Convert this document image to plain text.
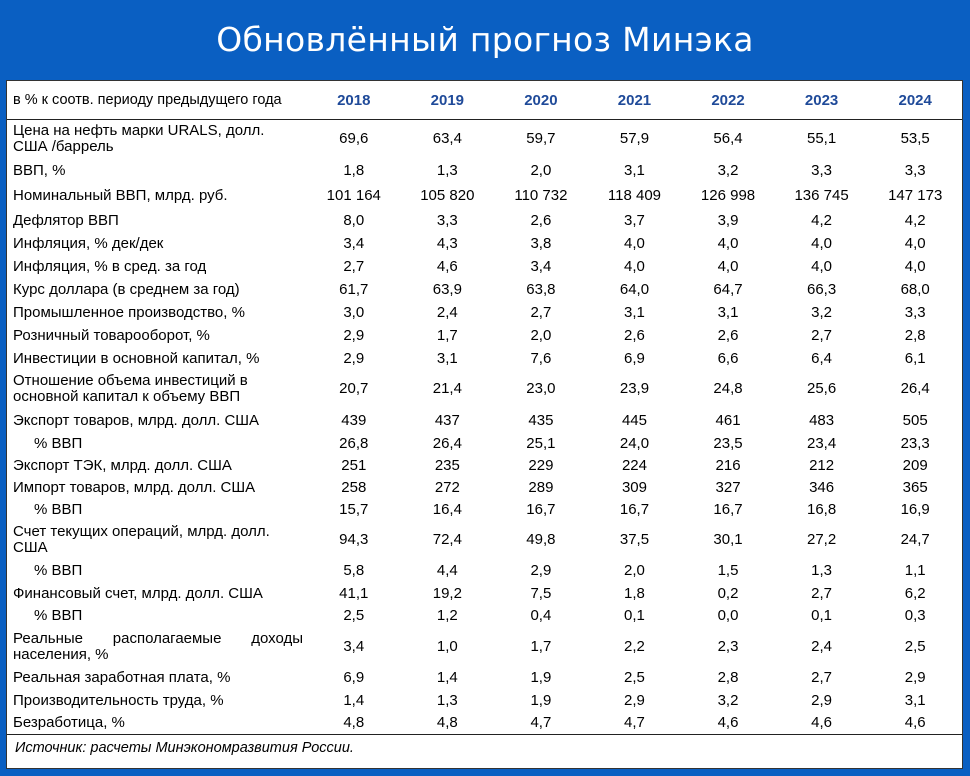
Обновлённый прогноз Минэка
в % к соотв. периоду предыдущего года	2018	2019	2020	2021	2022	2023	2024
Цена на нефть марки URALS, долл. США /баррель	69,6	63,4	59,7	57,9	56,4	55,1	53,5
ВВП, %	1,8	1,3	2,0	3,1	3,2	3,3	3,3
Номинальный ВВП, млрд. руб.	101 164	105 820	110 732	118 409	126 998	136 745	147 173
Дефлятор ВВП	8,0	3,3	2,6	3,7	3,9	4,2	4,2
Инфляция, % дек/дек	3,4	4,3	3,8	4,0	4,0	4,0	4,0
Инфляция, % в сред. за год	2,7	4,6	3,4	4,0	4,0	4,0	4,0
Курс доллара (в среднем за год)	61,7	63,9	63,8	64,0	64,7	66,3	68,0
Промышленное производство, %	3,0	2,4	2,7	3,1	3,1	3,2	3,3
Розничный товарооборот, %	2,9	1,7	2,0	2,6	2,6	2,7	2,8
Инвестиции в основной капитал, %	2,9	3,1	7,6	6,9	6,6	6,4	6,1
Отношение объема инвестиций в основной капитал к объему ВВП	20,7	21,4	23,0	23,9	24,8	25,6	26,4
Экспорт товаров, млрд. долл. США	439	437	435	445	461	483	505
% ВВП	26,8	26,4	25,1	24,0	23,5	23,4	23,3
Экспорт ТЭК, млрд. долл. США	251	235	229	224	216	212	209
Импорт товаров, млрд. долл. США	258	272	289	309	327	346	365
% ВВП	15,7	16,4	16,7	16,7	16,7	16,8	16,9
Счет текущих операций, млрд. долл. США	94,3	72,4	49,8	37,5	30,1	27,2	24,7
% ВВП	5,8	4,4	2,9	2,0	1,5	1,3	1,1
Финансовый счет, млрд. долл. США	41,1	19,2	7,5	1,8	0,2	2,7	6,2
% ВВП	2,5	1,2	0,4	0,1	0,0	0,1	0,3
Реальные располагаемые доходы населения, %	3,4	1,0	1,7	2,2	2,3	2,4	2,5
Реальная заработная плата, %	6,9	1,4	1,9	2,5	2,8	2,7	2,9
Производительность труда, %	1,4	1,3	1,9	2,9	3,2	2,9	3,1
Безработица, %	4,8	4,8	4,7	4,7	4,6	4,6	4,6
Источник: расчеты Минэкономразвития России.							
